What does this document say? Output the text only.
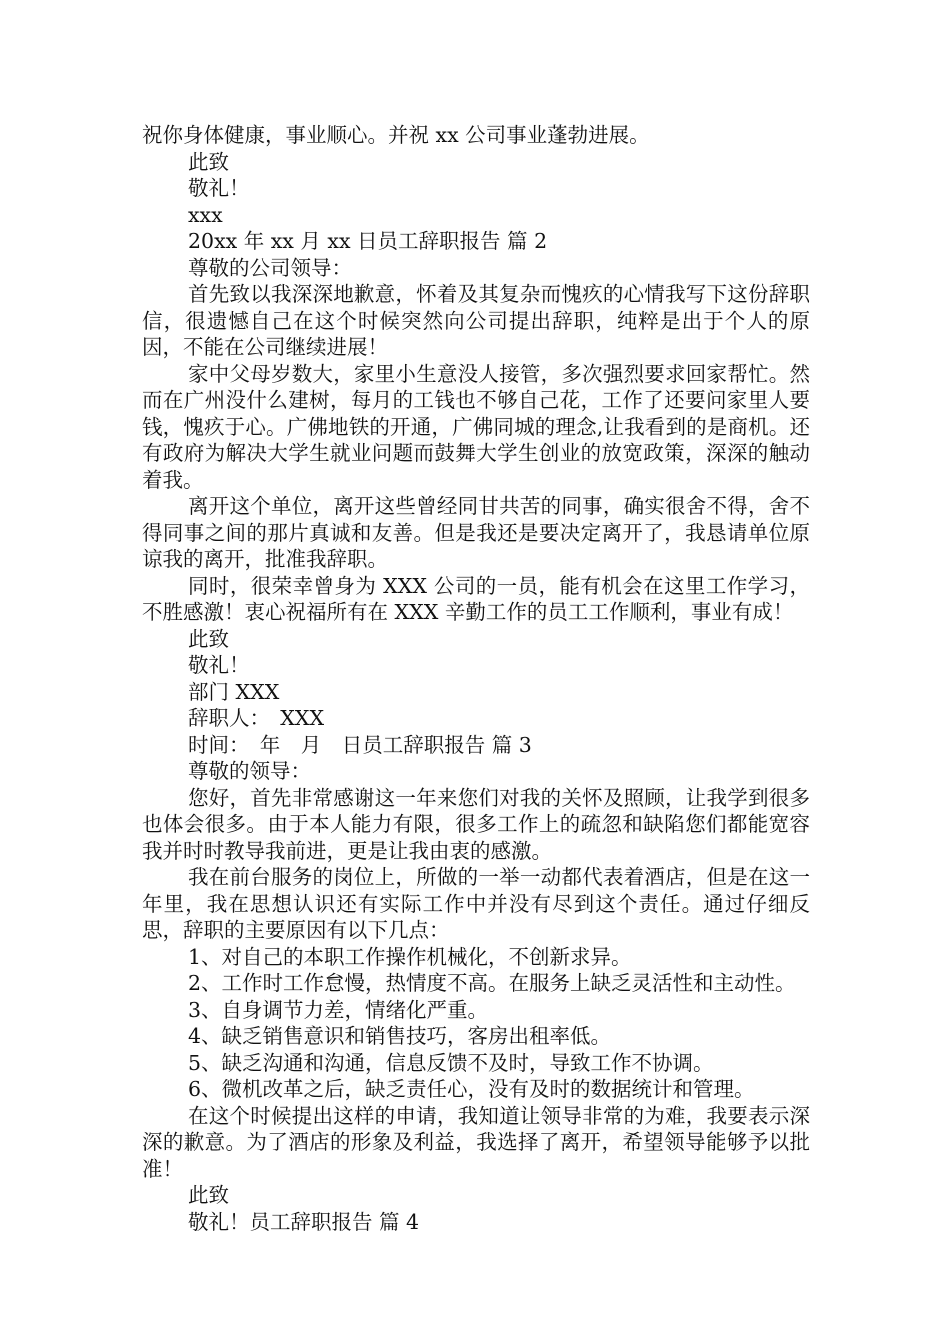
祝你身体健康，事业顺心。并祝 xx 公司事业蓬勃进展。

此致

敬礼！

xxx

20xx 年 xx 月 xx 日员工辞职报告 篇 2

尊敬的公司领导：

首先致以我深深地歉意，怀着及其复杂而愧疚的心情我写下这份辞职信，很遗憾自己在这个时候突然向公司提出辞职，纯粹是出于个人的原因，不能在公司继续进展！

家中父母岁数大，家里小生意没人接管，多次强烈要求回家帮忙。然而在广州没什么建树，每月的工钱也不够自己花，工作了还要问家里人要钱，愧疚于心。广佛地铁的开通，广佛同城的理念,让我看到的是商机。还有政府为解决大学生就业问题而鼓舞大学生创业的放宽政策，深深的触动着我。

离开这个单位，离开这些曾经同甘共苦的同事，确实很舍不得，舍不得同事之间的那片真诚和友善。但是我还是要决定离开了，我恳请单位原谅我的离开，批准我辞职。

同时，很荣幸曾身为 XXX 公司的一员，能有机会在这里工作学习，不胜感激！衷心祝福所有在 XXX 辛勤工作的员工工作顺利，事业有成！

此致

敬礼！

部门 XXX

辞职人：　XXX

时间：　年　月　日员工辞职报告 篇 3

尊敬的领导：

您好，首先非常感谢这一年来您们对我的关怀及照顾，让我学到很多也体会很多。由于本人能力有限，很多工作上的疏忽和缺陷您们都能宽容我并时时教导我前进，更是让我由衷的感激。

我在前台服务的岗位上，所做的一举一动都代表着酒店，但是在这一年里，我在思想认识还有实际工作中并没有尽到这个责任。通过仔细反思，辞职的主要原因有以下几点：

1、对自己的本职工作操作机械化，不创新求异。

2、工作时工作怠慢，热情度不高。在服务上缺乏灵活性和主动性。

3、自身调节力差，情绪化严重。

4、缺乏销售意识和销售技巧，客房出租率低。

5、缺乏沟通和沟通，信息反馈不及时，导致工作不协调。

6、微机改革之后，缺乏责任心，没有及时的数据统计和管理。

在这个时候提出这样的申请，我知道让领导非常的为难，我要表示深深的歉意。为了酒店的形象及利益，我选择了离开，希望领导能够予以批准！

此致

敬礼！员工辞职报告 篇 4
